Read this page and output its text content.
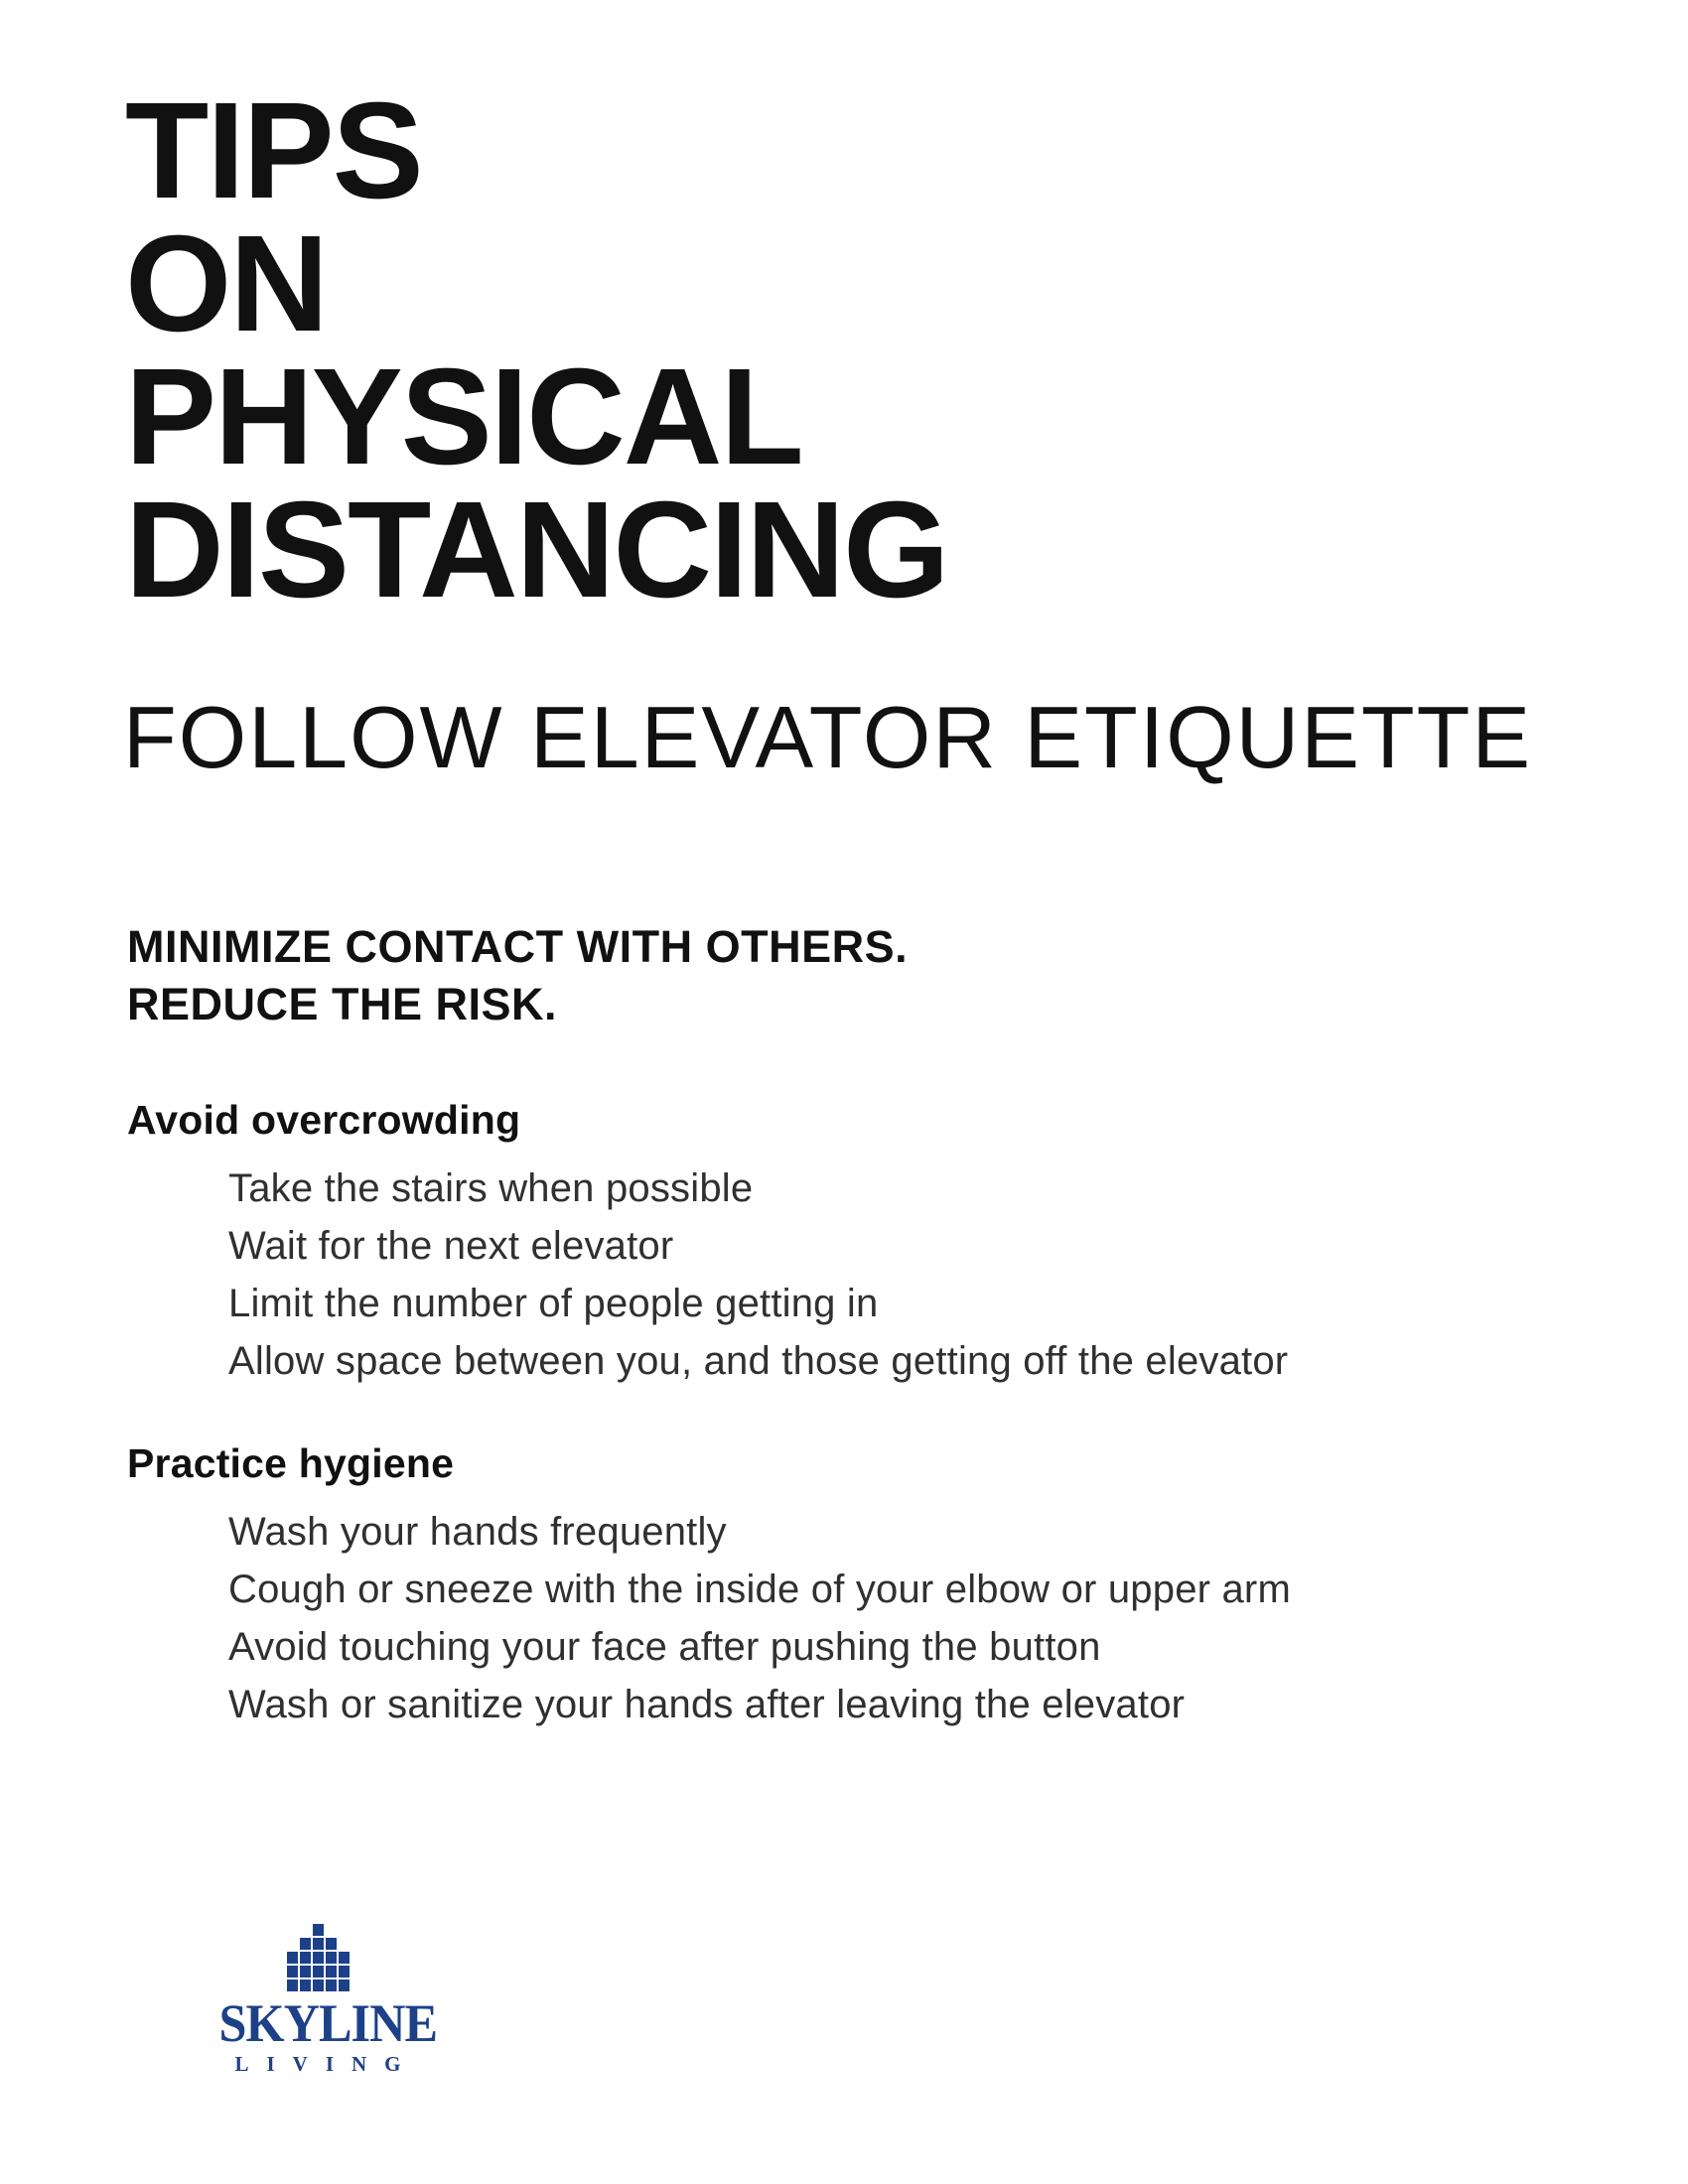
TIPS
ON
PHYSICAL
DISTANCING
FOLLOW ELEVATOR ETIQUETTE
MINIMIZE CONTACT WITH OTHERS.
REDUCE THE RISK.
Avoid overcrowding
Take the stairs when possible
Wait for the next elevator
Limit the number of people getting in
Allow space between you, and those getting off the elevator
Practice hygiene
Wash your hands frequently
Cough or sneeze with the inside of your elbow or upper arm
Avoid touching your face after pushing the button
Wash or sanitize your hands after leaving the elevator
SKYLINE
LIVING
